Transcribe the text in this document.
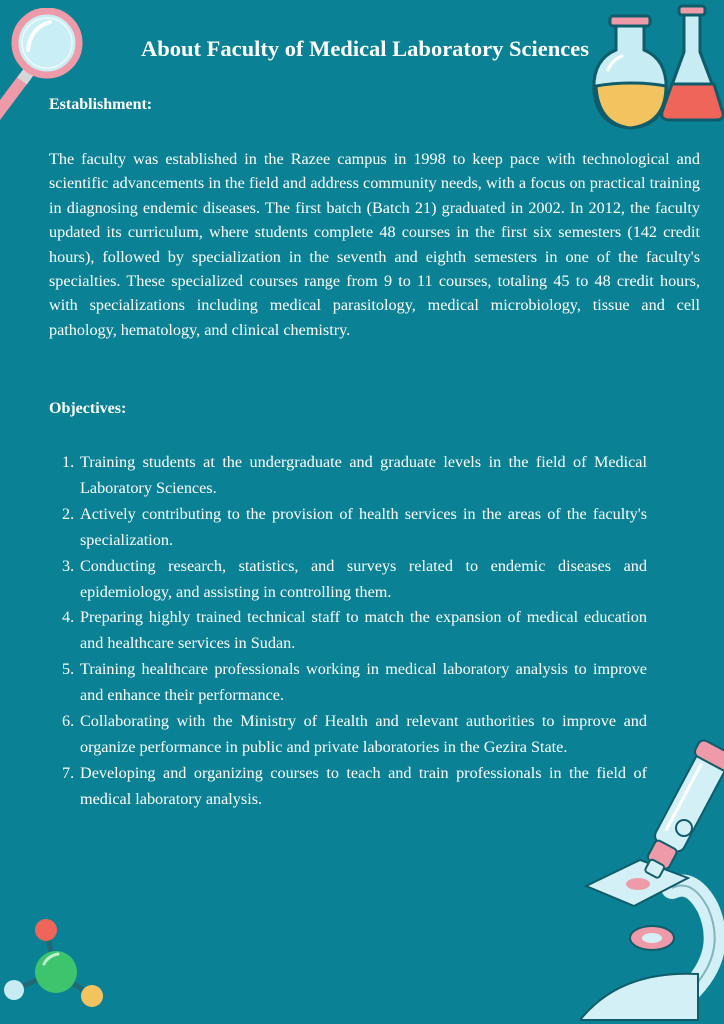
About Faculty of Medical Laboratory Sciences
Establishment:

The faculty was established in the Razee campus in 1998 to keep pace with technological and scientific advancements in the field and address community needs, with a focus on practical training in diagnosing endemic diseases. The first batch (Batch 21) graduated in 2002. In 2012, the faculty updated its curriculum, where students complete 48 courses in the first six semesters (142 credit hours), followed by specialization in the seventh and eighth semesters in one of the faculty's specialties. These specialized courses range from 9 to 11 courses, totaling 45 to 48 credit hours, with specializations including medical parasitology, medical microbiology, tissue and cell pathology, hematology, and clinical chemistry.

Objectives:
1. Training students at the undergraduate and graduate levels in the field of Medical Laboratory Sciences.
2. Actively contributing to the provision of health services in the areas of the faculty's specialization.
3. Conducting research, statistics, and surveys related to endemic diseases and epidemiology, and assisting in controlling them.
4. Preparing highly trained technical staff to match the expansion of medical education and healthcare services in Sudan.
5. Training healthcare professionals working in medical laboratory analysis to improve and enhance their performance.
6. Collaborating with the Ministry of Health and relevant authorities to improve and organize performance in public and private laboratories in the Gezira State.
7. Developing and organizing courses to teach and train professionals in the field of medical laboratory analysis.
